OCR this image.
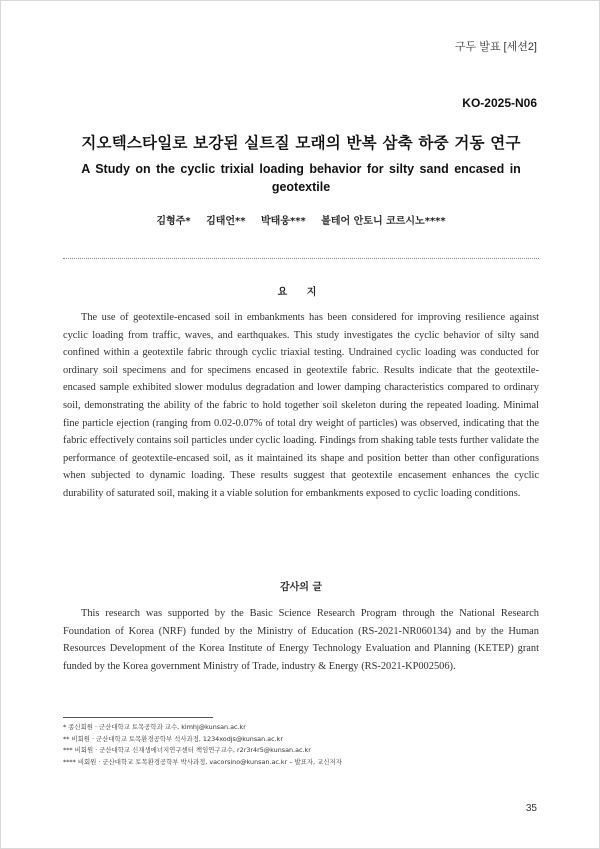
구두 발표 [세션2]
KO-2025-N06
지오텍스타일로 보강된 실트질 모래의 반복 삼축 하중 거동 연구
A Study on the cyclic trixial loading behavior for silty sand encased in geotextile
김형주* 김태언** 박태웅*** 볼테어 안토니 코르시노****
요 지

The use of geotextile-encased soil in embankments has been considered for improving resilience against cyclic loading from traffic, waves, and earthquakes. This study investigates the cyclic behavior of silty sand confined within a geotextile fabric through cyclic triaxial testing. Undrained cyclic loading was conducted for ordinary soil specimens and for specimens encased in geotextile fabric. Results indicate that the geotextile-encased sample exhibited slower modulus degradation and lower damping characteristics compared to ordinary soil, demonstrating the ability of the fabric to hold together soil skeleton during the repeated loading. Minimal fine particle ejection (ranging from 0.02-0.07% of total dry weight of particles) was observed, indicating that the fabric effectively contains soil particles under cyclic loading. Findings from shaking table tests further validate the performance of geotextile-encased soil, as it maintained its shape and position better than other configurations when subjected to dynamic loading. These results suggest that geotextile encasement enhances the cyclic durability of saturated soil, making it a viable solution for embankments exposed to cyclic loading conditions.

감사의 글

This research was supported by the Basic Science Research Program through the National Research Foundation of Korea (NRF) funded by the Ministry of Education (RS-2021-NR060134) and by the Human Resources Development of the Korea Institute of Energy Technology Evaluation and Planning (KETEP) grant funded by the Korea government Ministry of Trade, industry & Energy (RS-2021-KP002506).

* 종신회원 · 군산대학교 토목공학과 교수, kimhj@kunsan.ac.kr
** 비회원 · 군산대학교 토목환경공학부 석사과정, 1234xodjs@kunsan.ac.kr
*** 비회원 · 군산대학교 신재생에너지연구센터 책임연구교수, r2r3r4r5@kunsan.ac.kr
**** 비회원 · 군산대학교 토목환경공학부 박사과정, vacorsino@kunsan.ac.kr – 발표자, 교신저자
35
